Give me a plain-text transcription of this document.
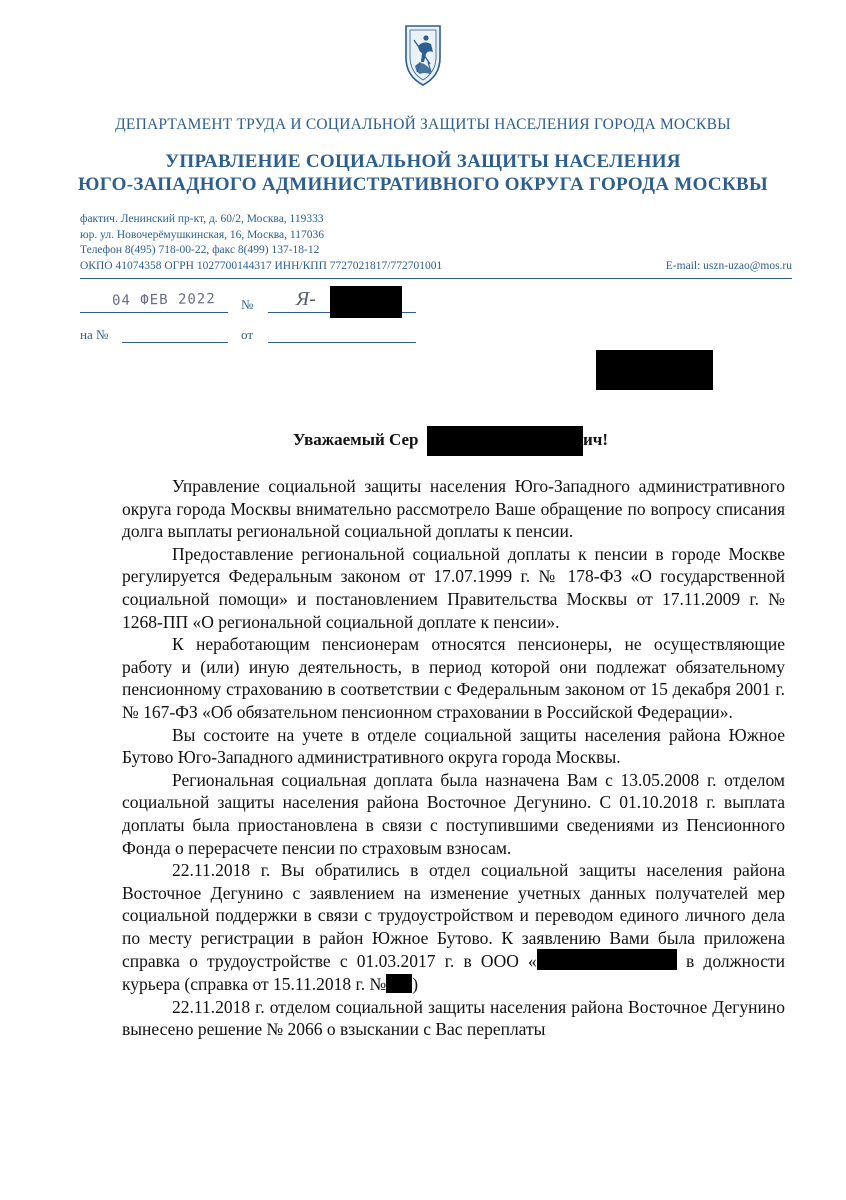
ДЕПАРТАМЕНТ ТРУДА И СОЦИАЛЬНОЙ ЗАЩИТЫ НАСЕЛЕНИЯ ГОРОДА МОСКВЫ
УПРАВЛЕНИЕ СОЦИАЛЬНОЙ ЗАЩИТЫ НАСЕЛЕНИЯ
ЮГО-ЗАПАДНОГО АДМИНИСТРАТИВНОГО ОКРУГА ГОРОДА МОСКВЫ
фактич. Ленинский пр-кт, д. 60/2, Москва, 119333
юр. ул. Новочерёмушкинская, 16, Москва, 117036
Телефон 8(495) 718-00-22, факс 8(499) 137-18-12
ОКПО 41074358 ОГРН 1027700144317 ИНН/КПП 7727021817/772701001	E-mail: uszn-uzao@mos.ru
04 ФЕВ 2022 № Я-
на №	от
Уважаемый Сер	ич!

Управление социальной защиты населения Юго-Западного административного округа города Москвы внимательно рассмотрело Ваше обращение по вопросу списания долга выплаты региональной социальной доплаты к пенсии.

Предоставление региональной социальной доплаты к пенсии в городе Москве регулируется Федеральным законом от 17.07.1999 г. № 178-ФЗ «О государственной социальной помощи» и постановлением Правительства Москвы от 17.11.2009 г. № 1268-ПП «О региональной социальной доплате к пенсии».

К неработающим пенсионерам относятся пенсионеры, не осуществляющие работу и (или) иную деятельность, в период которой они подлежат обязательному пенсионному страхованию в соответствии с Федеральным законом от 15 декабря 2001 г. № 167-ФЗ «Об обязательном пенсионном страховании в Российской Федерации».

Вы состоите на учете в отделе социальной защиты населения района Южное Бутово Юго-Западного административного округа города Москвы.

Региональная социальная доплата была назначена Вам с 13.05.2008 г. отделом социальной защиты населения района Восточное Дегунино. С 01.10.2018 г. выплата доплаты была приостановлена в связи с поступившими сведениями из Пенсионного Фонда о перерасчете пенсии по страховым взносам.

22.11.2018 г. Вы обратились в отдел социальной защиты населения района Восточное Дегунино с заявлением на изменение учетных данных получателей мер социальной поддержки в связи с трудоустройством и переводом единого личного дела по месту регистрации в район Южное Бутово. К заявлению Вами была приложена справка о трудоустройстве с 01.03.2017 г. в ООО «	в должности курьера (справка от 15.11.2018 г. № )

22.11.2018 г. отделом социальной защиты населения района Восточное Дегунино вынесено решение № 2066 о взыскании с Вас переплаты
